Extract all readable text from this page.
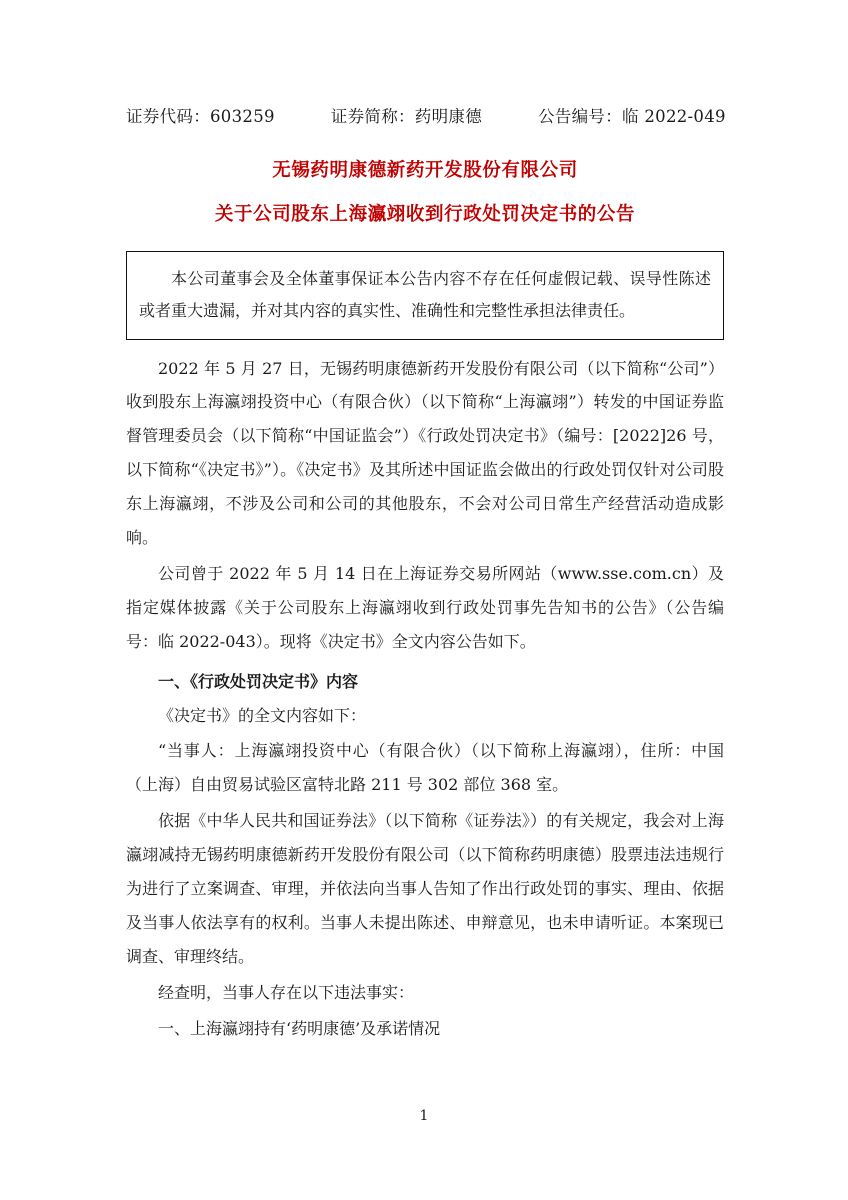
证券代码：603259	证券简称：药明康德	公告编号：临 2022-049
无锡药明康德新药开发股份有限公司
关于公司股东上海瀛翊收到行政处罚决定书的公告

本公司董事会及全体董事保证本公告内容不存在任何虚假记载、误导性陈述或者重大遗漏，并对其内容的真实性、准确性和完整性承担法律责任。

2022 年 5 月 27 日，无锡药明康德新药开发股份有限公司（以下简称“公司”）收到股东上海瀛翊投资中心（有限合伙）（以下简称“上海瀛翊”）转发的中国证券监督管理委员会（以下简称“中国证监会”）《行政处罚决定书》（编号：[2022]26 号，以下简称“《决定书》”）。《决定书》及其所述中国证监会做出的行政处罚仅针对公司股东上海瀛翊，不涉及公司和公司的其他股东，不会对公司日常生产经营活动造成影响。

公司曾于 2022 年 5 月 14 日在上海证券交易所网站（www.sse.com.cn）及指定媒体披露《关于公司股东上海瀛翊收到行政处罚事先告知书的公告》（公告编号：临 2022-043）。现将《决定书》全文内容公告如下。

一、《行政处罚决定书》内容

《决定书》的全文内容如下：

“当事人：上海瀛翊投资中心（有限合伙）（以下简称上海瀛翊），住所：中国（上海）自由贸易试验区富特北路 211 号 302 部位 368 室。

依据《中华人民共和国证券法》（以下简称《证券法》）的有关规定，我会对上海瀛翊减持无锡药明康德新药开发股份有限公司（以下简称药明康德）股票违法违规行为进行了立案调查、审理，并依法向当事人告知了作出行政处罚的事实、理由、依据及当事人依法享有的权利。当事人未提出陈述、申辩意见，也未申请听证。本案现已调查、审理终结。

经查明，当事人存在以下违法事实：

一、上海瀛翊持有‘药明康德’及承诺情况

1
